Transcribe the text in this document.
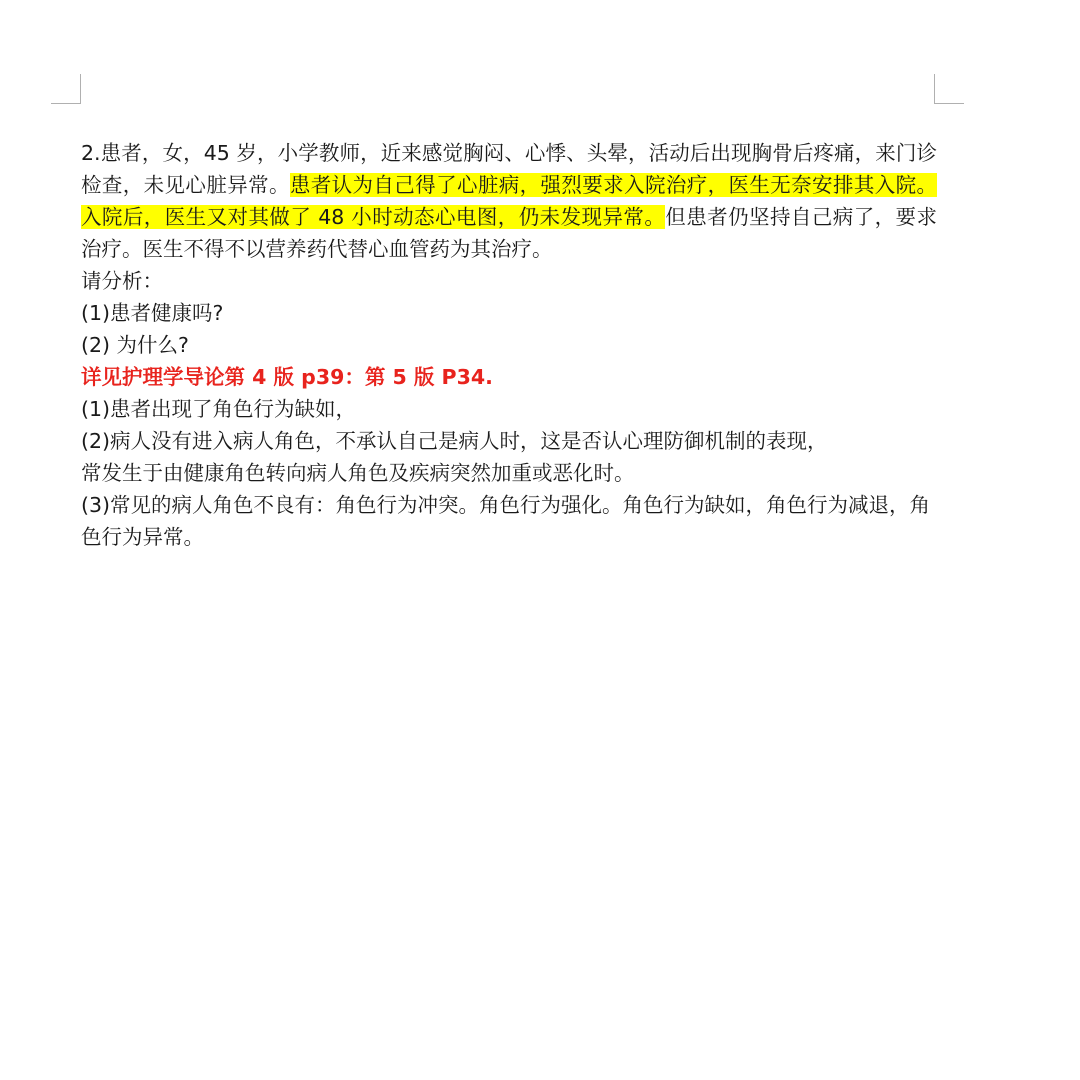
2.患者，女，45 岁，小学教师，近来感觉胸闷、心悸、头晕，活动后出现胸骨后疼痛，来门诊检查，未见心脏异常。患者认为自己得了心脏病，强烈要求入院治疗，医生无奈安排其入院。入院后，医生又对其做了 48 小时动态心电图，仍未发现异常。但患者仍坚持自己病了，要求治疗。医生不得不以营养药代替心血管药为其治疗。

请分析：

(1)患者健康吗?

(2) 为什么?

详见护理学导论第 4 版 p39：第 5 版 P34.

(1)患者出现了角色行为缺如，

(2)病人没有进入病人角色，不承认自己是病人时，这是否认心理防御机制的表现，

常发生于由健康角色转向病人角色及疾病突然加重或恶化时。

(3)常见的病人角色不良有：角色行为冲突。角色行为强化。角色行为缺如，角色行为减退，角色行为异常。
